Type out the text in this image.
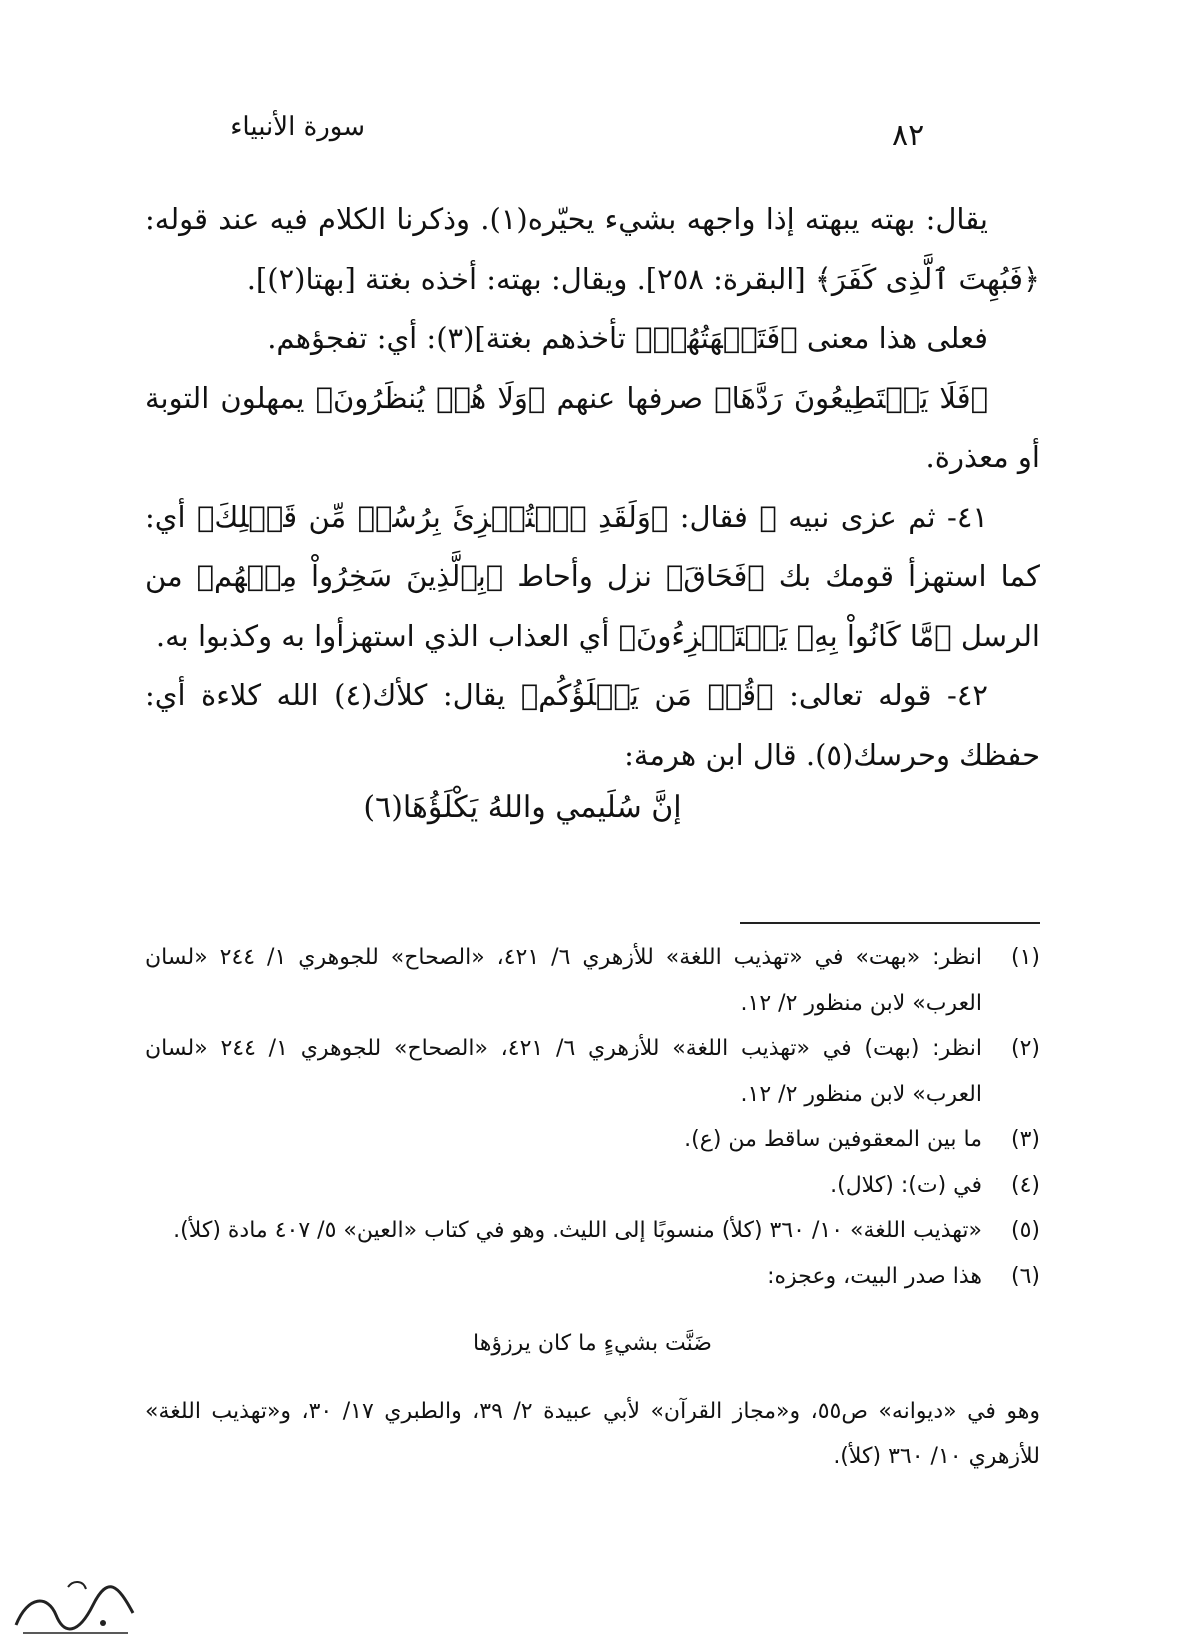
٨٢
سورة الأنبياء

يقال: بهته يبهته إذا واجهه بشيء يحيّره(١). وذكرنا الكلام فيه عند قوله: ﴿فَبُهِتَ ٱلَّذِى كَفَرَ﴾ [البقرة: ٢٥٨]. ويقال: بهته: أخذه بغتة [بهتا(٢)].

فعلى هذا معنى ﴿فَتَبۡهَتُهُمۡ﴾ تأخذهم بغتة](٣): أي: تفجؤهم.

﴿فَلَا يَسۡتَطِيعُونَ رَدَّهَا﴾ صرفها عنهم ﴿وَلَا هُمۡ يُنظَرُونَ﴾ يمهلون التوبة أو معذرة.

٤١- ثم عزى نبيه ﷺ فقال: ﴿وَلَقَدِ ٱسۡتُهۡزِئَ بِرُسُلٖ مِّن قَبۡلِكَ﴾ أي: كما استهزأ قومك بك ﴿فَحَاقَ﴾ نزل وأحاط ﴿بِٱلَّذِينَ سَخِرُواْ مِنۡهُم﴾ من الرسل ﴿مَّا كَانُواْ بِهِۦ يَسۡتَهۡزِءُونَ﴾ أي العذاب الذي استهزأوا به وكذبوا به.

٤٢- قوله تعالى: ﴿قُلۡ مَن يَكۡلَؤُكُم﴾ يقال: كلأك(٤) الله كلاءة أي: حفظك وحرسك(٥). قال ابن هرمة:

إنَّ سُلَيمي واللهُ يَكْلَؤُهَا(٦)

(١)

انظر: «بهت» في «تهذيب اللغة» للأزهري ٦/ ٤٢١، «الصحاح» للجوهري ١/ ٢٤٤ «لسان العرب» لابن منظور ٢/ ١٢.

(٢)

انظر: (بهت) في «تهذيب اللغة» للأزهري ٦/ ٤٢١، «الصحاح» للجوهري ١/ ٢٤٤ «لسان العرب» لابن منظور ٢/ ١٢.

(٣)

ما بين المعقوفين ساقط من (ع).

(٤)

في (ت): (كلال).

(٥)

«تهذيب اللغة» ١٠/ ٣٦٠ (كلأ) منسوبًا إلى الليث. وهو في كتاب «العين» ٥/ ٤٠٧ مادة (كلأ).

(٦)

هذا صدر البيت، وعجزه:

ضَنَّت بشيءٍ ما كان يرزؤها

وهو في «ديوانه» ص٥٥، و«مجاز القرآن» لأبي عبيدة ٢/ ٣٩، والطبري ١٧/ ٣٠، و«تهذيب اللغة» للأزهري ١٠/ ٣٦٠ (كلأ).
